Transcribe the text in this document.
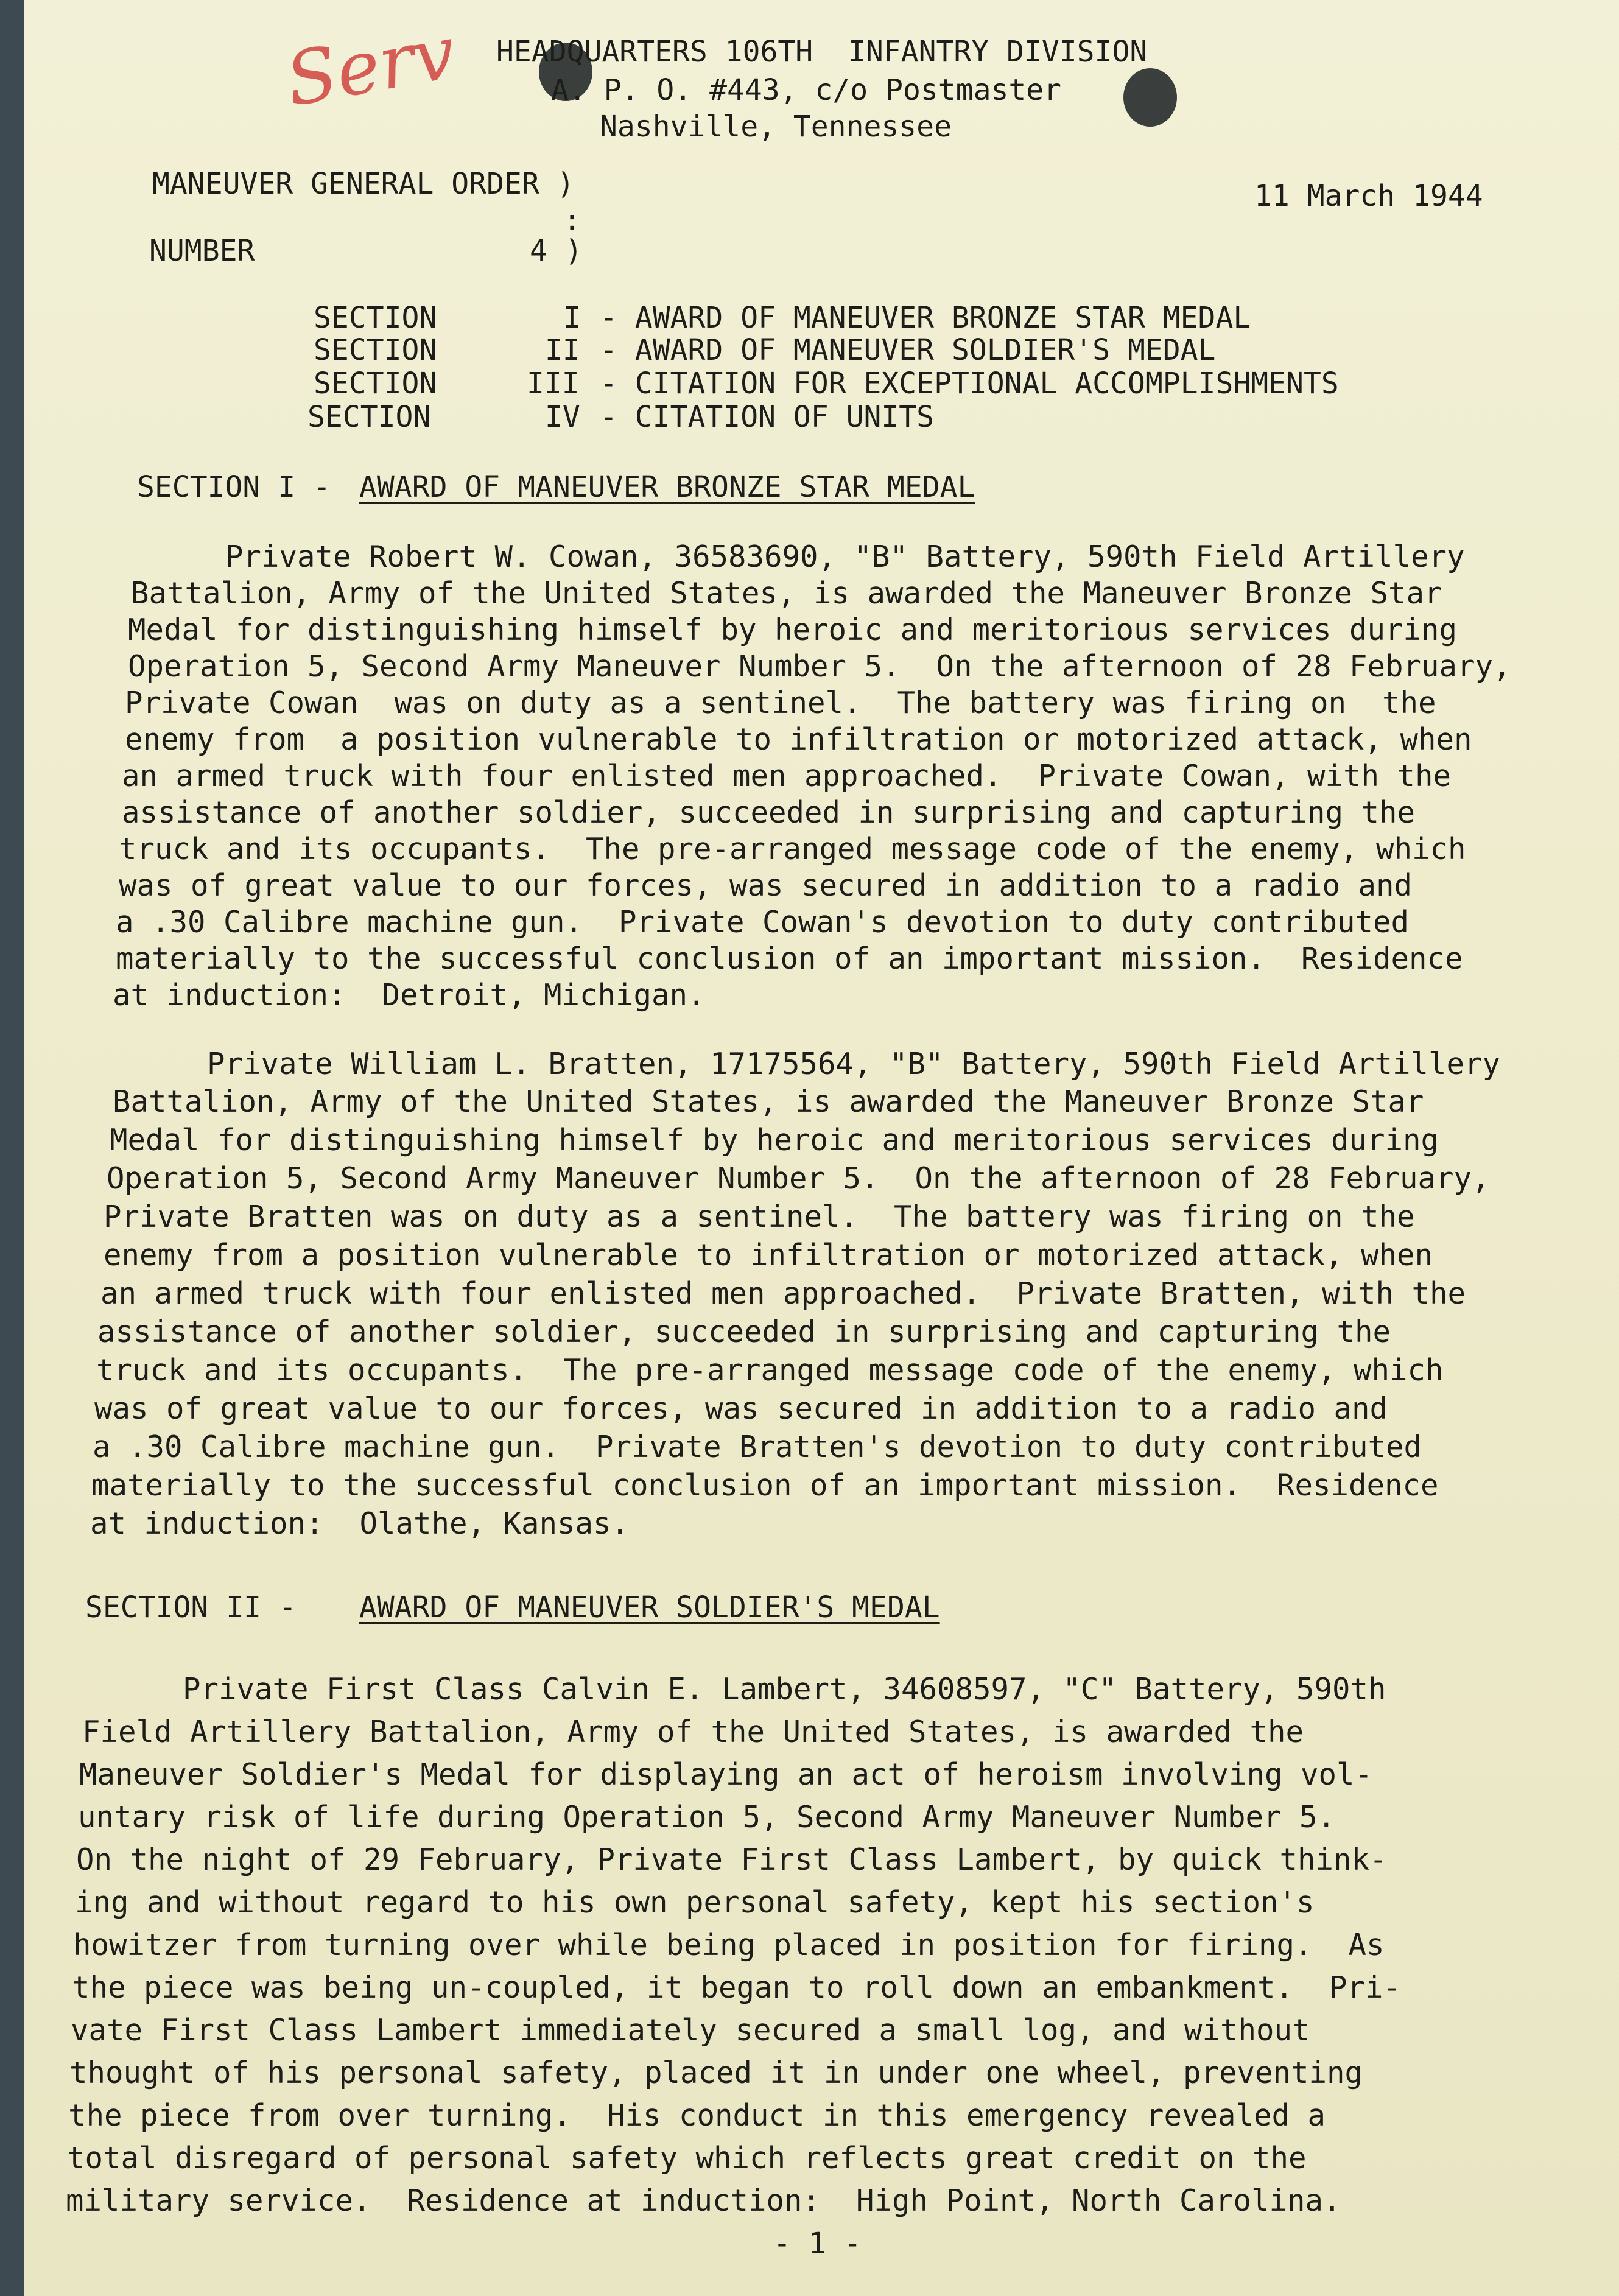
Serv HEADQUARTERS 106TH  INFANTRY DIVISION
A. P. O. #443, c/o Postmaster
Nashville, Tennessee
MANEUVER GENERAL ORDER )
:
NUMBER	4 )
11 March 1944
SECTION	I - AWARD OF MANEUVER BRONZE STAR MEDAL
SECTION	II - AWARD OF MANEUVER SOLDIER'S MEDAL
SECTION	III - CITATION FOR EXCEPTIONAL ACCOMPLISHMENTS
SECTION	IV - CITATION OF UNITS
SECTION I - AWARD OF MANEUVER BRONZE STAR MEDAL
Private Robert W. Cowan, 36583690, "B" Battery, 590th Field Artillery
Battalion, Army of the United States, is awarded the Maneuver Bronze Star
Medal for distinguishing himself by heroic and meritorious services during
Operation 5, Second Army Maneuver Number 5.  On the afternoon of 28 February,
Private Cowan  was on duty as a sentinel.  The battery was firing on  the
enemy from  a position vulnerable to infiltration or motorized attack, when
an armed truck with four enlisted men approached.  Private Cowan, with the
assistance of another soldier, succeeded in surprising and capturing the
truck and its occupants.  The pre-arranged message code of the enemy, which
was of great value to our forces, was secured in addition to a radio and
a .30 Calibre machine gun.  Private Cowan's devotion to duty contributed
materially to the successful conclusion of an important mission.  Residence
at induction:  Detroit, Michigan.
Private William L. Bratten, 17175564, "B" Battery, 590th Field Artillery
Battalion, Army of the United States, is awarded the Maneuver Bronze Star
Medal for distinguishing himself by heroic and meritorious services during
Operation 5, Second Army Maneuver Number 5.  On the afternoon of 28 February,
Private Bratten was on duty as a sentinel.  The battery was firing on the
enemy from a position vulnerable to infiltration or motorized attack, when
an armed truck with four enlisted men approached.  Private Bratten, with the
assistance of another soldier, succeeded in surprising and capturing the
truck and its occupants.  The pre-arranged message code of the enemy, which
was of great value to our forces, was secured in addition to a radio and
a .30 Calibre machine gun.  Private Bratten's devotion to duty contributed
materially to the successful conclusion of an important mission.  Residence
at induction:  Olathe, Kansas.
SECTION II - AWARD OF MANEUVER SOLDIER'S MEDAL
Private First Class Calvin E. Lambert, 34608597, "C" Battery, 590th
Field Artillery Battalion, Army of the United States, is awarded the
Maneuver Soldier's Medal for displaying an act of heroism involving vol-
untary risk of life during Operation 5, Second Army Maneuver Number 5.
On the night of 29 February, Private First Class Lambert, by quick think-
ing and without regard to his own personal safety, kept his section's
howitzer from turning over while being placed in position for firing.  As
the piece was being un-coupled, it began to roll down an embankment.  Pri-
vate First Class Lambert immediately secured a small log, and without
thought of his personal safety, placed it in under one wheel, preventing
the piece from over turning.  His conduct in this emergency revealed a
total disregard of personal safety which reflects great credit on the
military service.  Residence at induction:  High Point, North Carolina.
- 1 -
